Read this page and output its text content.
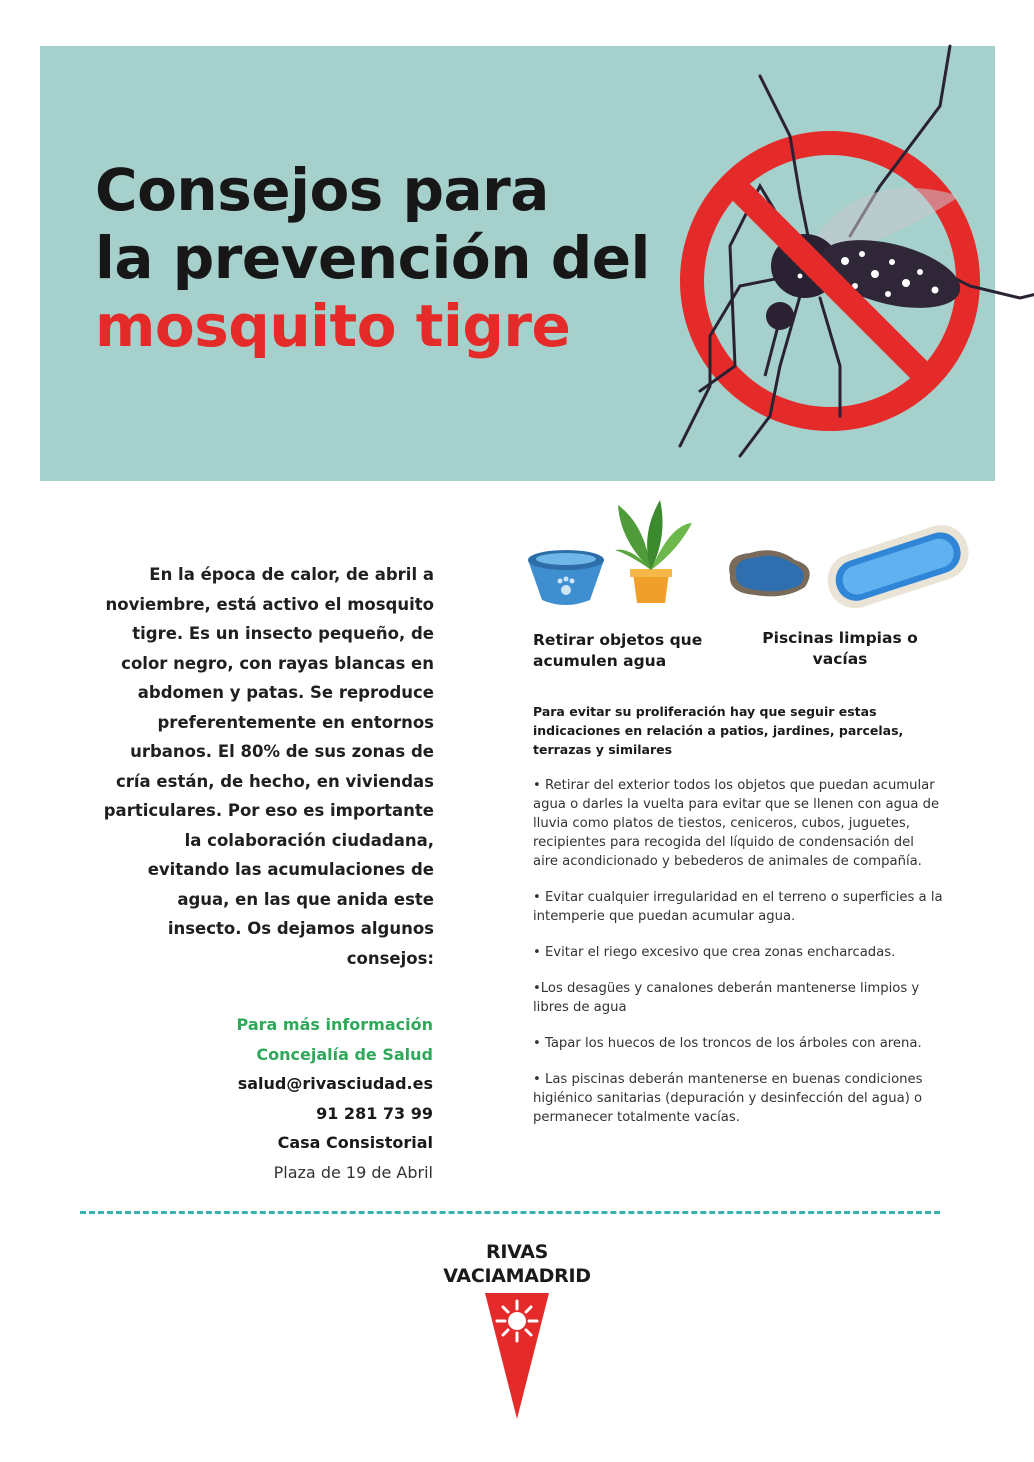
Consejos para
la prevención del
mosquito tigre

En la época de calor, de abril a noviembre, está activo el mosquito tigre. Es un insecto pequeño, de color negro, con rayas blancas en abdomen y patas. Se reproduce preferentemente en entornos urbanos. El 80% de sus zonas de cría están, de hecho, en viviendas particulares. Por eso es importante la colaboración ciudadana, evitando las acumulaciones de agua, en las que anida este insecto. Os dejamos algunos consejos:

Para más información
Concejalía de Salud
salud@rivasciudad.es
91 281 73 99
Casa Consistorial
Plaza de 19 de Abril
Retirar objetos que acumulen agua
Piscinas limpias o vacías

Para evitar su proliferación hay que seguir estas indicaciones en relación a patios, jardines, parcelas, terrazas y similares

• Retirar del exterior todos los objetos que puedan acumular agua o darles la vuelta para evitar que se llenen con agua de lluvia como platos de tiestos, ceniceros, cubos, juguetes, recipientes para recogida del líquido de condensación del aire acondicionado y bebederos de animales de compañía.
• Evitar cualquier irregularidad en el terreno o superficies a la intemperie que puedan acumular agua.
• Evitar el riego excesivo que crea zonas encharcadas.
•Los desagües y canalones deberán mantenerse limpios y libres de agua
• Tapar los huecos de los troncos de los árboles con arena.
• Las piscinas deberán mantenerse en buenas condiciones higiénico sanitarias (depuración y desinfección del agua) o permanecer totalmente vacías.
RIVAS
VACIAMADRID
